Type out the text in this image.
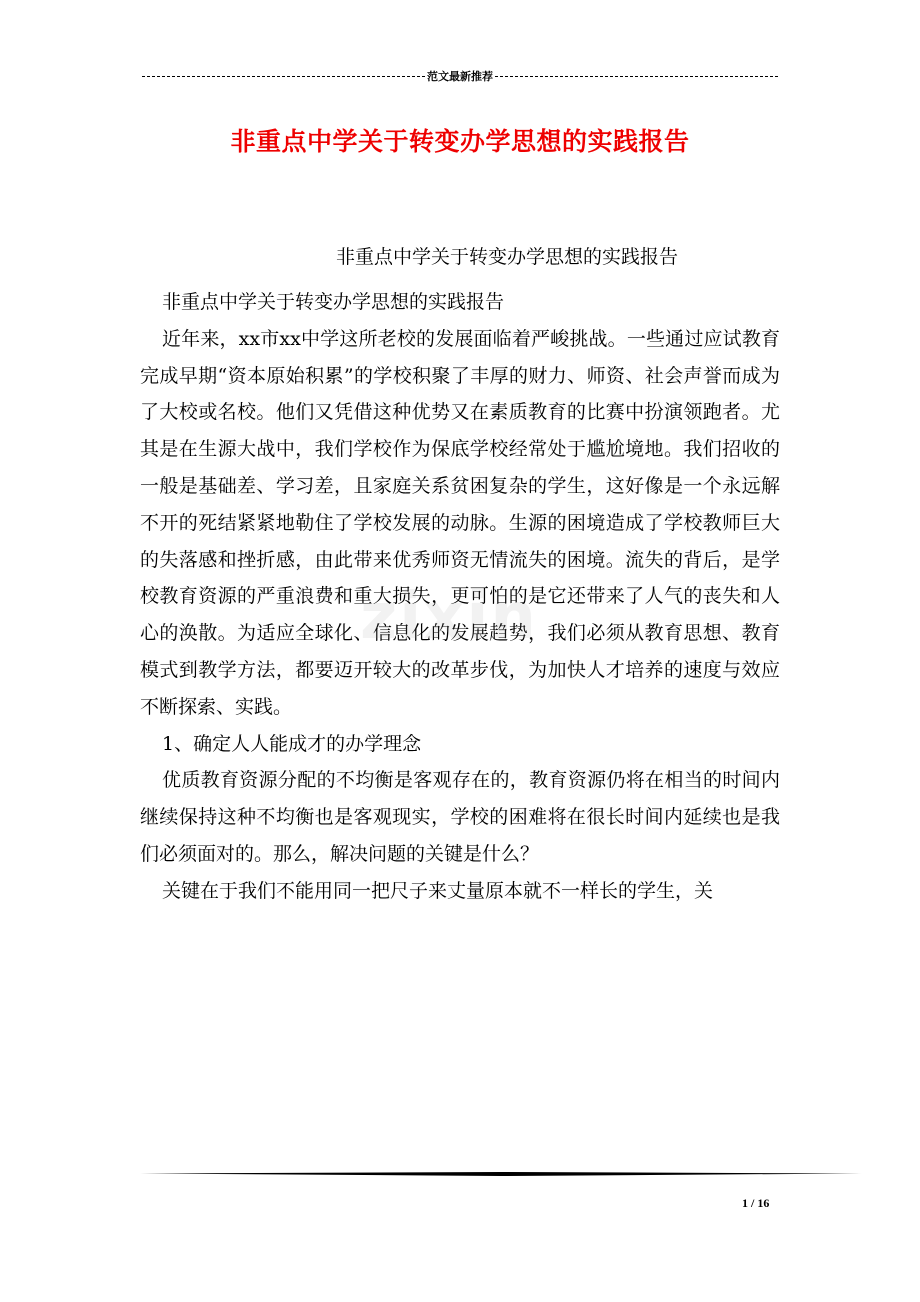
范文最新推荐
非重点中学关于转变办学思想的实践报告
非重点中学关于转变办学思想的实践报告

非重点中学关于转变办学思想的实践报告

近年来，xx市xx中学这所老校的发展面临着严峻挑战。一些通过应试教育完成早期“资本原始积累”的学校积聚了丰厚的财力、师资、社会声誉而成为了大校或名校。他们又凭借这种优势又在素质教育的比赛中扮演领跑者。尤其是在生源大战中，我们学校作为保底学校经常处于尴尬境地。我们招收的一般是基础差、学习差，且家庭关系贫困复杂的学生，这好像是一个永远解不开的死结紧紧地勒住了学校发展的动脉。生源的困境造成了学校教师巨大的失落感和挫折感，由此带来优秀师资无情流失的困境。流失的背后，是学校教育资源的严重浪费和重大损失，更可怕的是它还带来了人气的丧失和人心的涣散。为适应全球化、信息化的发展趋势，我们必须从教育思想、教育模式到教学方法，都要迈开较大的改革步伐，为加快人才培养的速度与效应不断探索、实践。

1、确定人人能成才的办学理念

优质教育资源分配的不均衡是客观存在的，教育资源仍将在相当的时间内继续保持这种不均衡也是客观现实，学校的困难将在很长时间内延续也是我们必须面对的。那么，解决问题的关键是什么？

关键在于我们不能用同一把尺子来丈量原本就不一样长的学生，关

zixin
1 / 16
